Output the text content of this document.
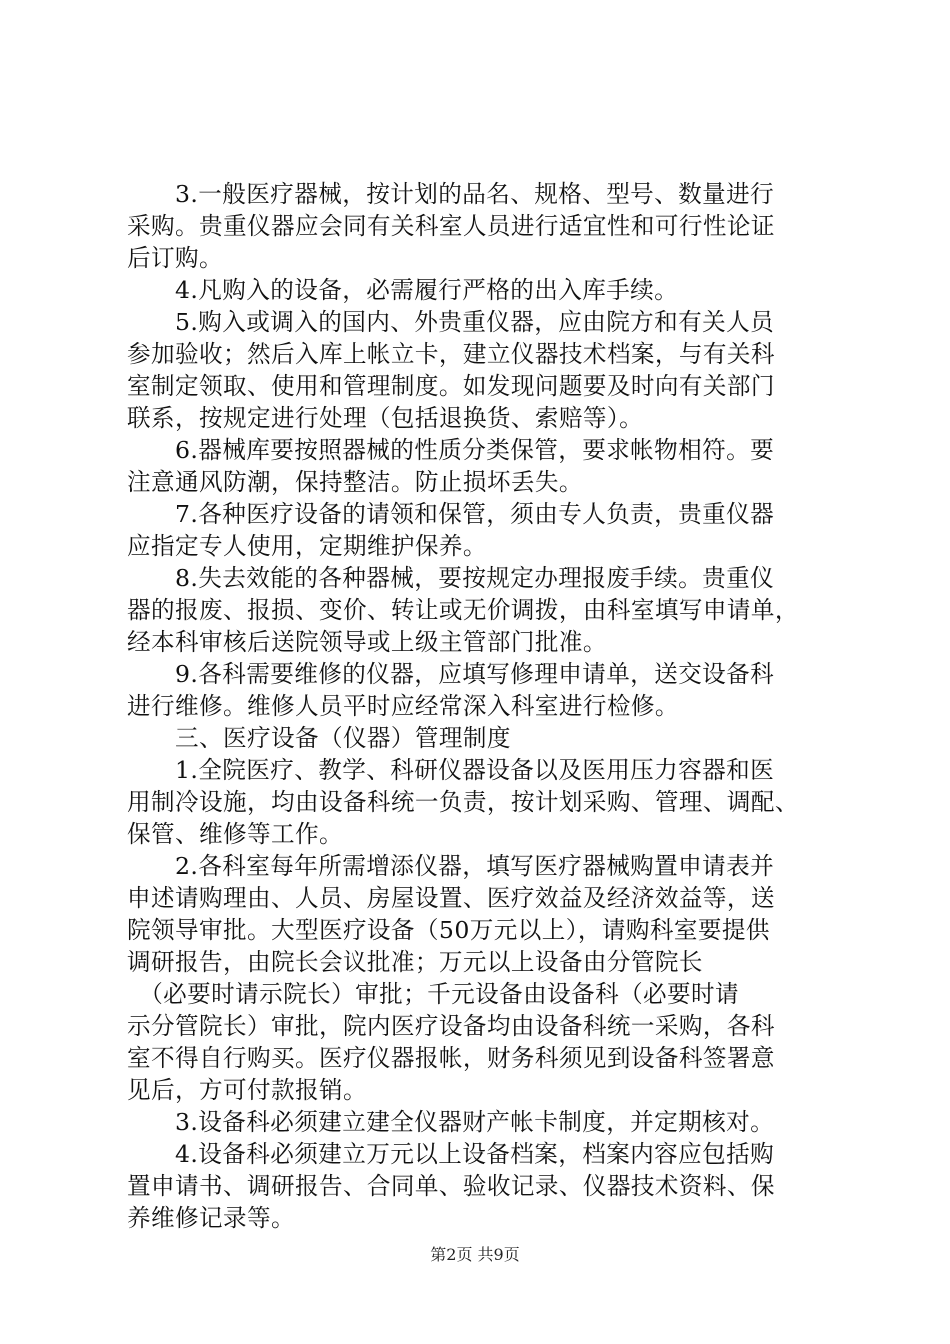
　　3.一般医疗器械，按计划的品名、规格、型号、数量进行
采购。贵重仪器应会同有关科室人员进行适宜性和可行性论证
后订购。
　　4.凡购入的设备，必需履行严格的出入库手续。
　　5.购入或调入的国内、外贵重仪器，应由院方和有关人员
参加验收；然后入库上帐立卡，建立仪器技术档案，与有关科
室制定领取、使用和管理制度。如发现问题要及时向有关部门
联系，按规定进行处理（包括退换货、索赔等）。
　　6.器械库要按照器械的性质分类保管，要求帐物相符。要
注意通风防潮，保持整洁。防止损坏丢失。
　　7.各种医疗设备的请领和保管，须由专人负责，贵重仪器
应指定专人使用，定期维护保养。
　　8.失去效能的各种器械，要按规定办理报废手续。贵重仪
器的报废、报损、变价、转让或无价调拨，由科室填写申请单，
经本科审核后送院领导或上级主管部门批准。
　　9.各科需要维修的仪器，应填写修理申请单，送交设备科
进行维修。维修人员平时应经常深入科室进行检修。
　　三、医疗设备（仪器）管理制度
　　1.全院医疗、教学、科研仪器设备以及医用压力容器和医
用制冷设施，均由设备科统一负责，按计划采购、管理、调配、
保管、维修等工作。
　　2.各科室每年所需增添仪器，填写医疗器械购置申请表并
申述请购理由、人员、房屋设置、医疗效益及经济效益等，送
院领导审批。大型医疗设备（50万元以上），请购科室要提供
调研报告，由院长会议批准；万元以上设备由分管院长
　（必要时请示院长）审批；千元设备由设备科（必要时请
示分管院长）审批，院内医疗设备均由设备科统一采购，各科
室不得自行购买。医疗仪器报帐，财务科须见到设备科签署意
见后，方可付款报销。
　　3.设备科必须建立建全仪器财产帐卡制度，并定期核对。
　　4.设备科必须建立万元以上设备档案，档案内容应包括购
置申请书、调研报告、合同单、验收记录、仪器技术资料、保
养维修记录等。
第2页 共9页
